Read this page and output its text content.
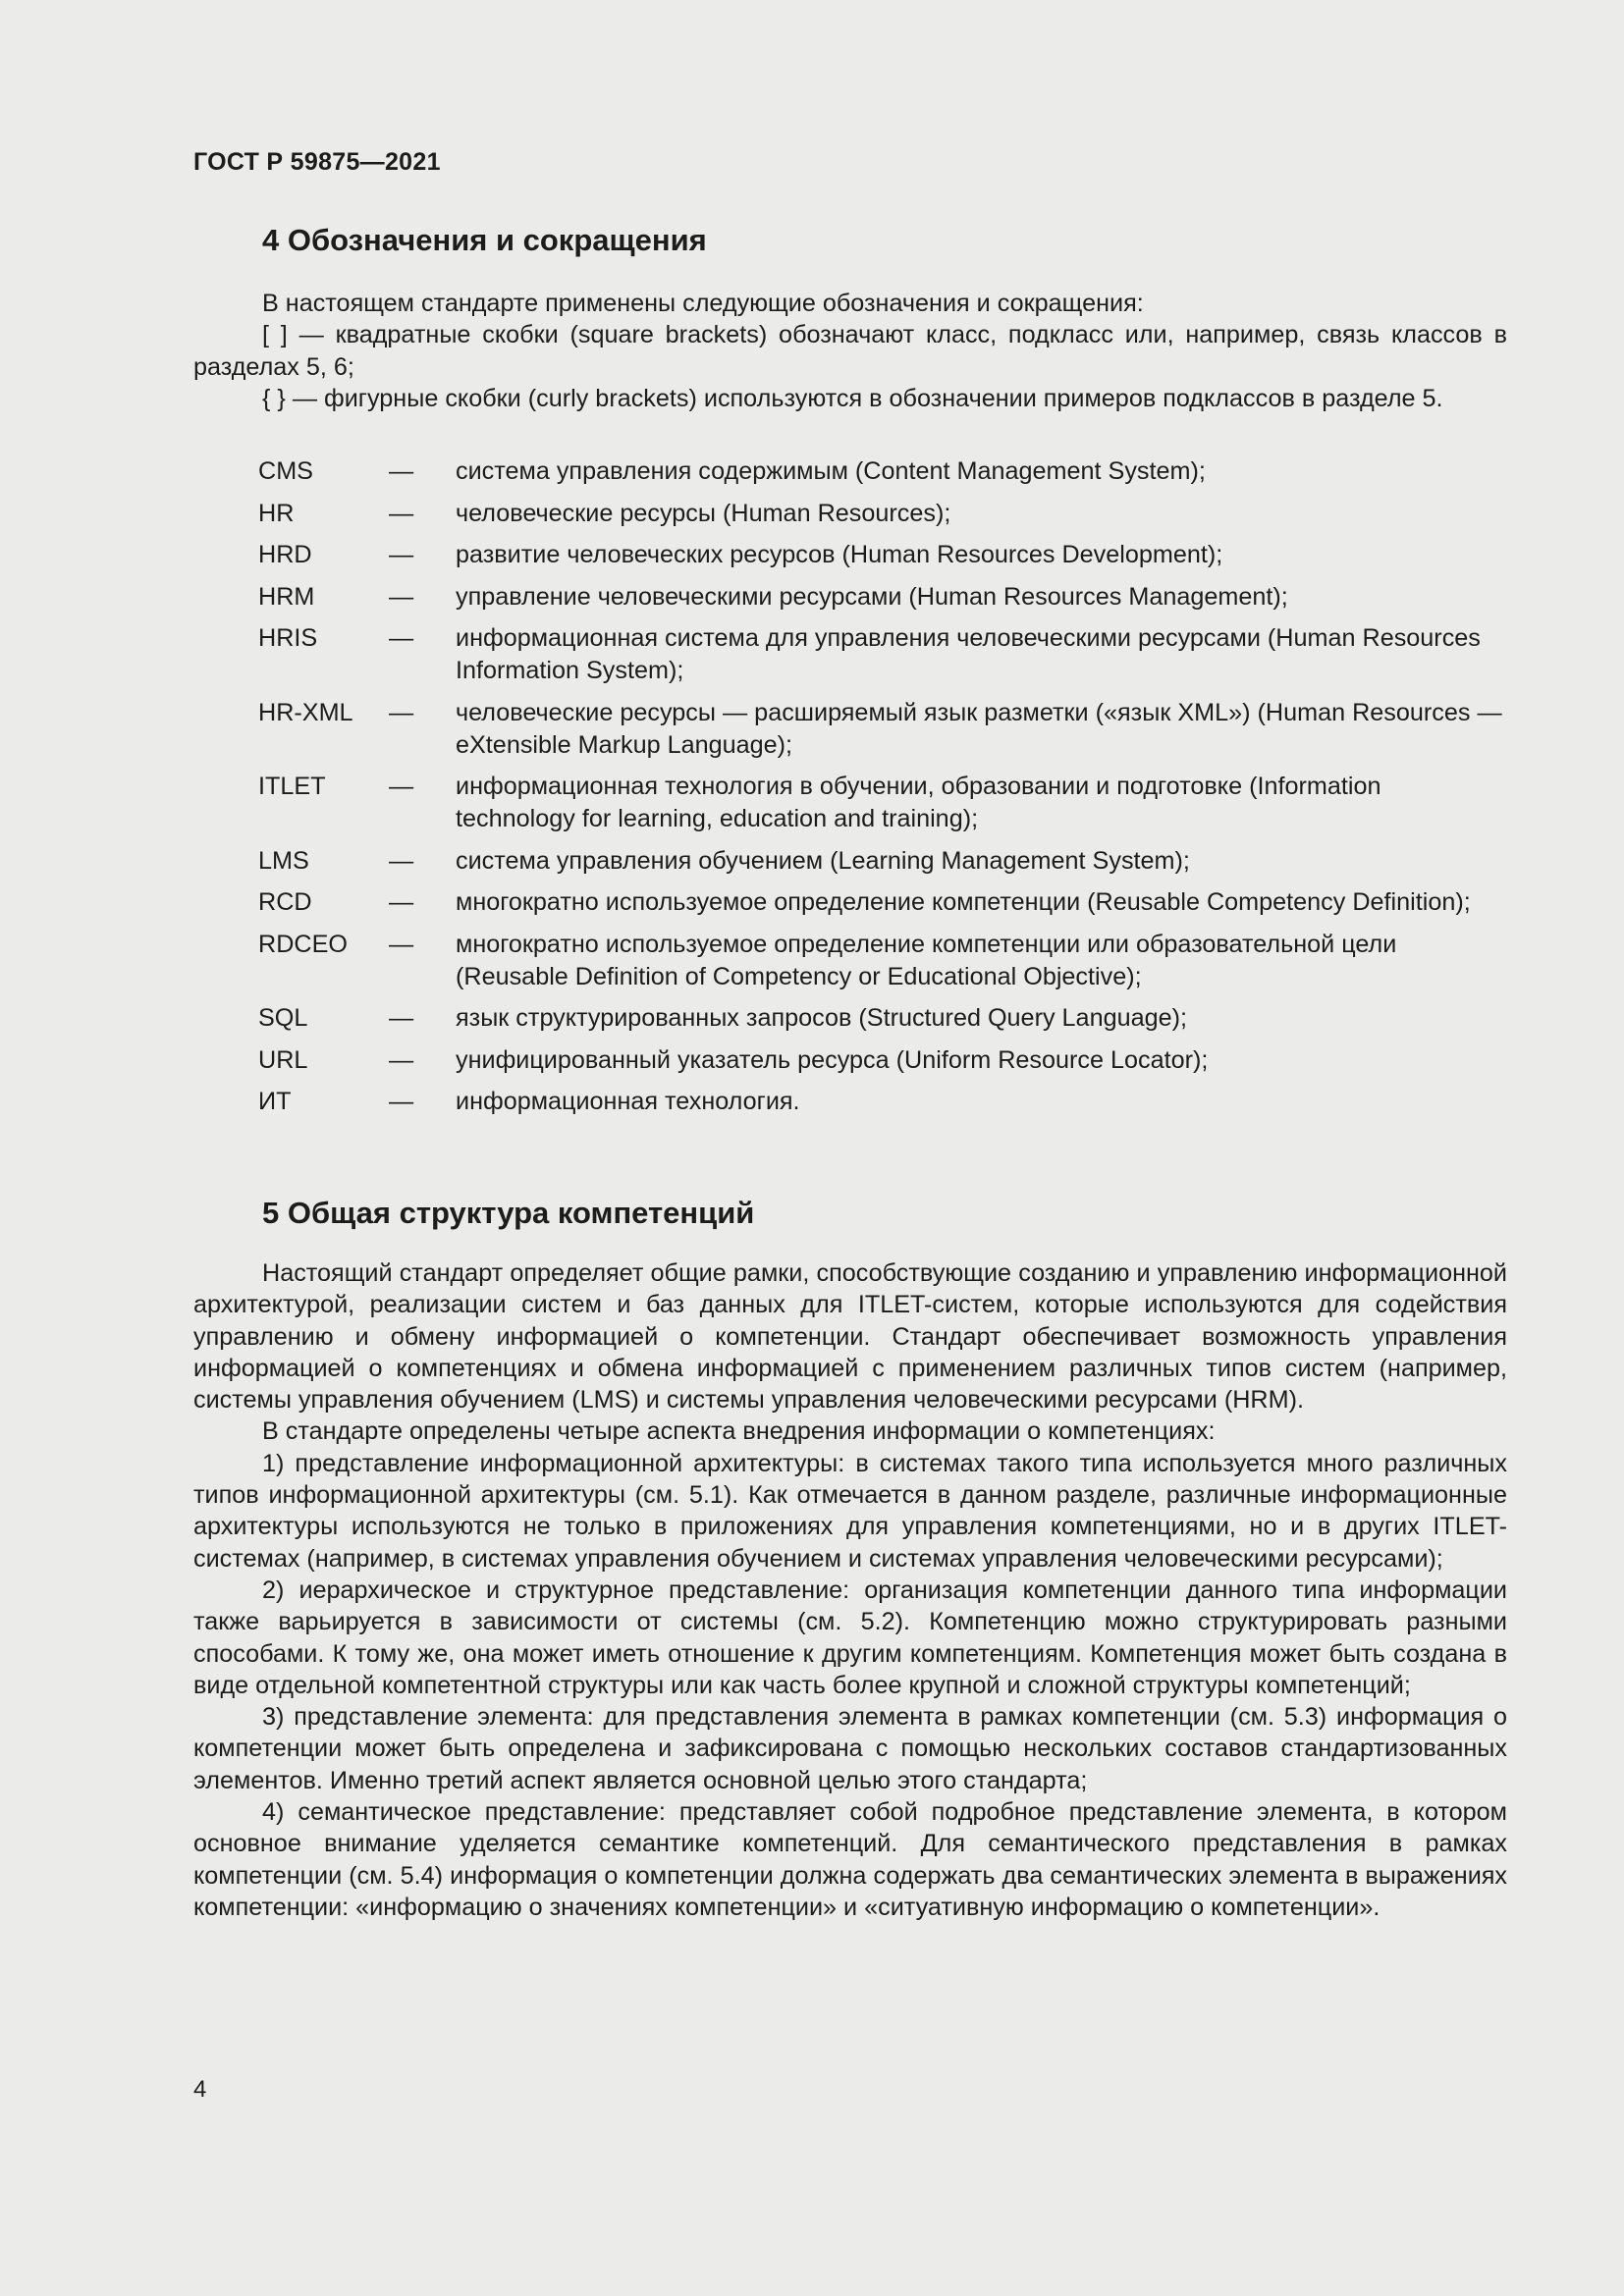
ГОСТ Р 59875—2021
4 Обозначения и сокращения

В настоящем стандарте применены следующие обозначения и сокращения:

[ ] — квадратные скобки (square brackets) обозначают класс, подкласс или, например, связь классов в разделах 5, 6;

{ } — фигурные скобки (curly brackets) используются в обозначении примеров подклассов в разделе 5.

CMS	—	система управления содержимым (Content Management System);
HR	—	человеческие ресурсы (Human Resources);
HRD	—	развитие человеческих ресурсов (Human Resources Development);
HRM	—	управление человеческими ресурсами (Human Resources Management);
HRIS	—	информационная система для управления человеческими ресурсами (Human Resources Information System);
HR-XML	—	человеческие ресурсы — расширяемый язык разметки («язык XML») (Human Resources — eXtensible Markup Language);
ITLET	—	информационная технология в обучении, образовании и подготовке (Information technology for learning, education and training);
LMS	—	система управления обучением (Learning Management System);
RCD	—	многократно используемое определение компетенции (Reusable Competency Definition);
RDCEO	—	многократно используемое определение компетенции или образовательной цели (Reusable Definition of Competency or Educational Objective);
SQL	—	язык структурированных запросов (Structured Query Language);
URL	—	унифицированный указатель ресурса (Uniform Resource Locator);
ИТ	—	информационная технология.
5 Общая структура компетенций

Настоящий стандарт определяет общие рамки, способствующие созданию и управлению информационной архитектурой, реализации систем и баз данных для ITLET-систем, которые используются для содействия управлению и обмену информацией о компетенции. Стандарт обеспечивает возможность управления информацией о компетенциях и обмена информацией с применением различных типов систем (например, системы управления обучением (LMS) и системы управления человеческими ресурсами (HRM).

В стандарте определены четыре аспекта внедрения информации о компетенциях:

1) представление информационной архитектуры: в системах такого типа используется много различных типов информационной архитектуры (см. 5.1). Как отмечается в данном разделе, различные информационные архитектуры используются не только в приложениях для управления компетенциями, но и в других ITLET-системах (например, в системах управления обучением и системах управления человеческими ресурсами);

2) иерархическое и структурное представление: организация компетенции данного типа информации также варьируется в зависимости от системы (см. 5.2). Компетенцию можно структурировать разными способами. К тому же, она может иметь отношение к другим компетенциям. Компетенция может быть создана в виде отдельной компетентной структуры или как часть более крупной и сложной структуры компетенций;

3) представление элемента: для представления элемента в рамках компетенции (см. 5.3) информация о компетенции может быть определена и зафиксирована с помощью нескольких составов стандартизованных элементов. Именно третий аспект является основной целью этого стандарта;

4) семантическое представление: представляет собой подробное представление элемента, в котором основное внимание уделяется семантике компетенций. Для семантического представления в рамках компетенции (см. 5.4) информация о компетенции должна содержать два семантических элемента в выражениях компетенции: «информацию о значениях компетенции» и «ситуативную информацию о компетенции».

4
